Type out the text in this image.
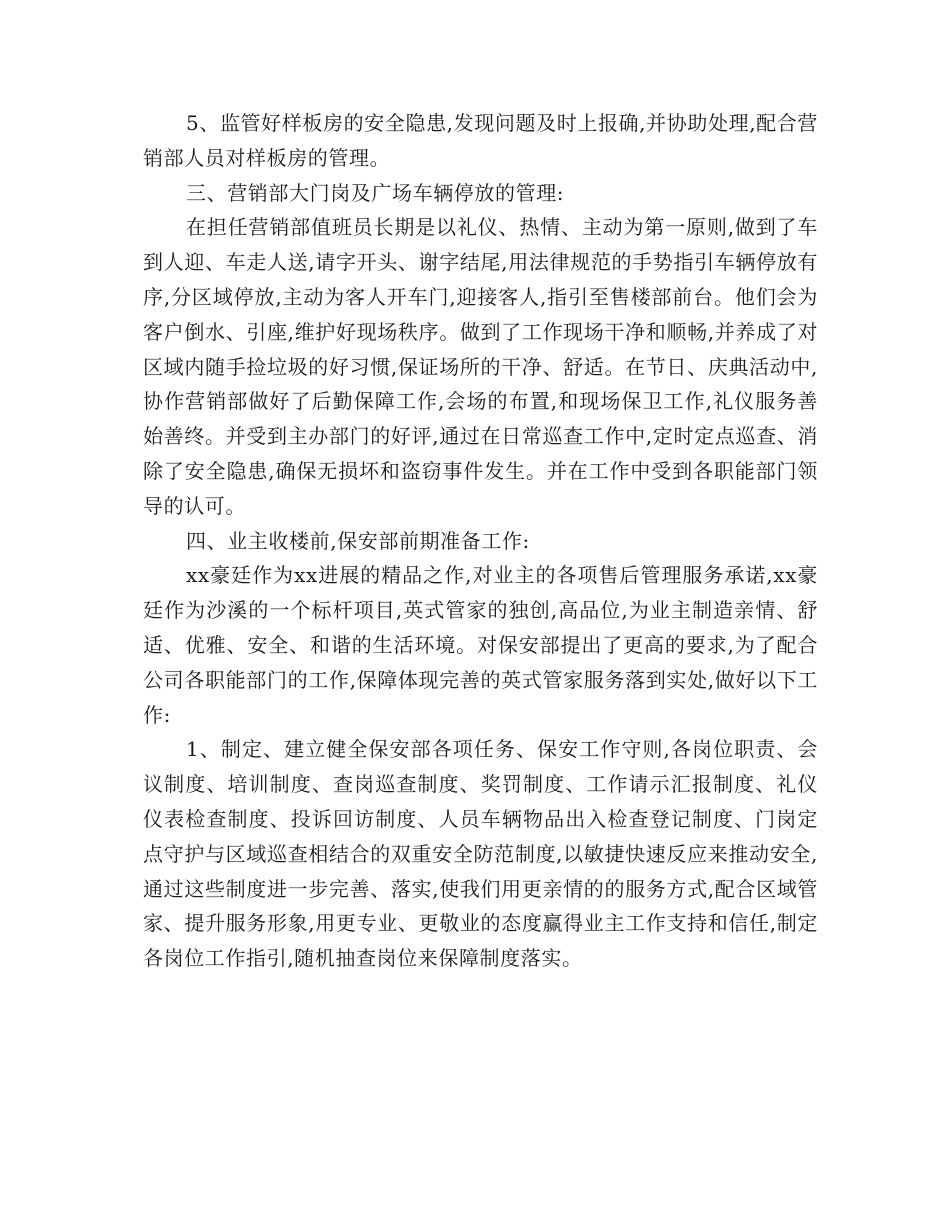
5、监管好样板房的安全隐患,发现问题及时上报确,并协助处理,配合营销部人员对样板房的管理。

三、营销部大门岗及广场车辆停放的管理:

在担任营销部值班员长期是以礼仪、热情、主动为第一原则,做到了车到人迎、车走人送,请字开头、谢字结尾,用法律规范的手势指引车辆停放有序,分区域停放,主动为客人开车门,迎接客人,指引至售楼部前台。他们会为客户倒水、引座,维护好现场秩序。做到了工作现场干净和顺畅,并养成了对区域内随手捡垃圾的好习惯,保证场所的干净、舒适。在节日、庆典活动中,协作营销部做好了后勤保障工作,会场的布置,和现场保卫工作,礼仪服务善始善终。并受到主办部门的好评,通过在日常巡查工作中,定时定点巡查、消除了安全隐患,确保无损坏和盗窃事件发生。并在工作中受到各职能部门领导的认可。

四、业主收楼前,保安部前期准备工作:

xx豪廷作为xx进展的精品之作,对业主的各项售后管理服务承诺,xx豪廷作为沙溪的一个标杆项目,英式管家的独创,高品位,为业主制造亲情、舒适、优雅、安全、和谐的生活环境。对保安部提出了更高的要求,为了配合公司各职能部门的工作,保障体现完善的英式管家服务落到实处,做好以下工作:

1、制定、建立健全保安部各项任务、保安工作守则,各岗位职责、会议制度、培训制度、查岗巡查制度、奖罚制度、工作请示汇报制度、礼仪仪表检查制度、投诉回访制度、人员车辆物品出入检查登记制度、门岗定点守护与区域巡查相结合的双重安全防范制度,以敏捷快速反应来推动安全,通过这些制度进一步完善、落实,使我们用更亲情的的服务方式,配合区域管家、提升服务形象,用更专业、更敬业的态度赢得业主工作支持和信任,制定各岗位工作指引,随机抽查岗位来保障制度落实。
